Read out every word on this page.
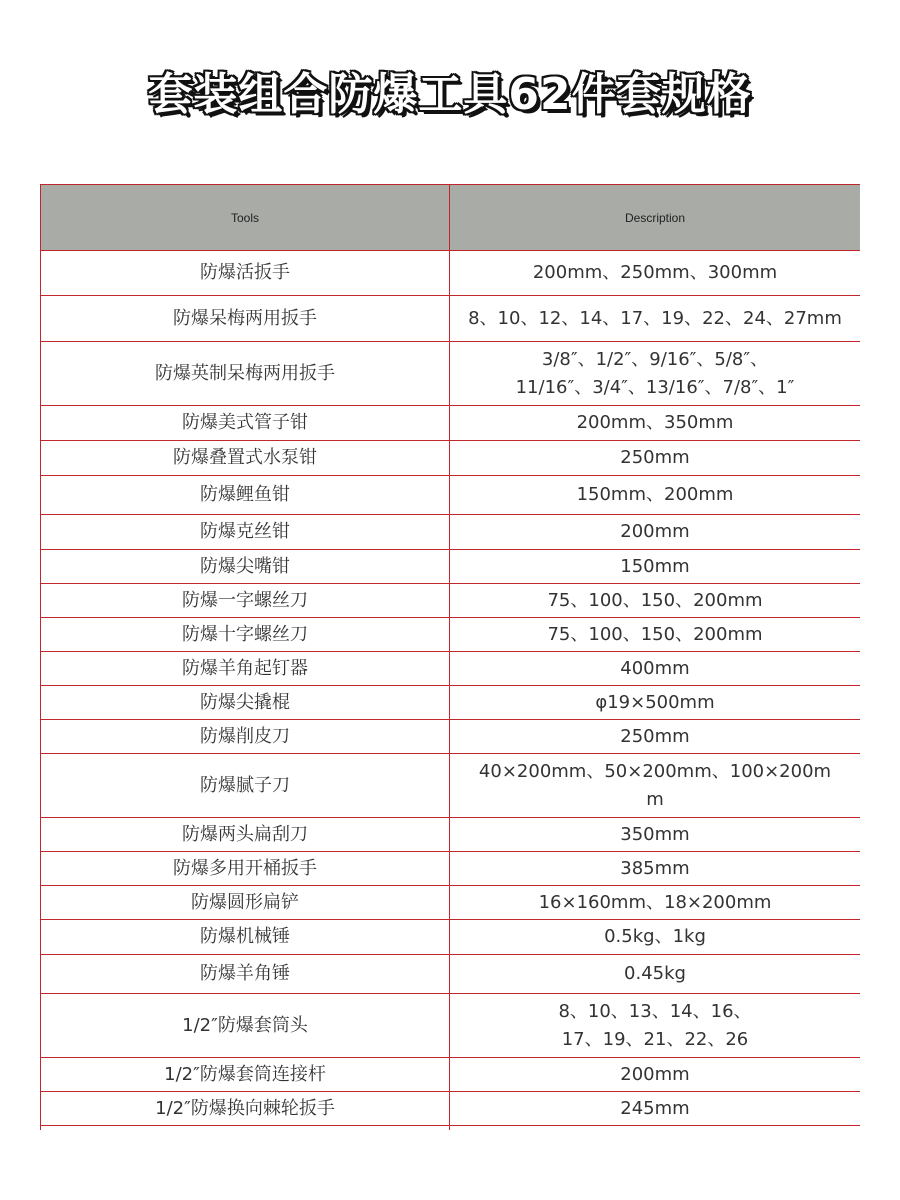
套装组合防爆工具62件套规格
Tools	Description
防爆活扳手	200mm、250mm、300mm

防爆呆梅两用扳手	8、10、12、14、17、19、22、24、27mm

防爆英制呆梅两用扳手	3/8″、1/2″、9/16″、5/8″、
11/16″、3/4″、13/16″、7/8″、1″

防爆美式管子钳	200mm、350mm

防爆叠置式水泵钳	250mm

防爆鲤鱼钳	150mm、200mm

防爆克丝钳	200mm

防爆尖嘴钳	150mm

防爆一字螺丝刀	75、100、150、200mm

防爆十字螺丝刀	75、100、150、200mm

防爆羊角起钉器	400mm

防爆尖撬棍	φ19×500mm

防爆削皮刀	250mm

防爆腻子刀	40×200mm、50×200mm、100×200m
m

防爆两头扁刮刀	350mm

防爆多用开桶扳手	385mm

防爆圆形扁铲	16×160mm、18×200mm

防爆机械锤	0.5kg、1kg

防爆羊角锤	0.45kg

1/2″防爆套筒头	8、10、13、14、16、
17、19、21、22、26

1/2″防爆套筒连接杆	200mm

1/2″防爆换向棘轮扳手	245mm
